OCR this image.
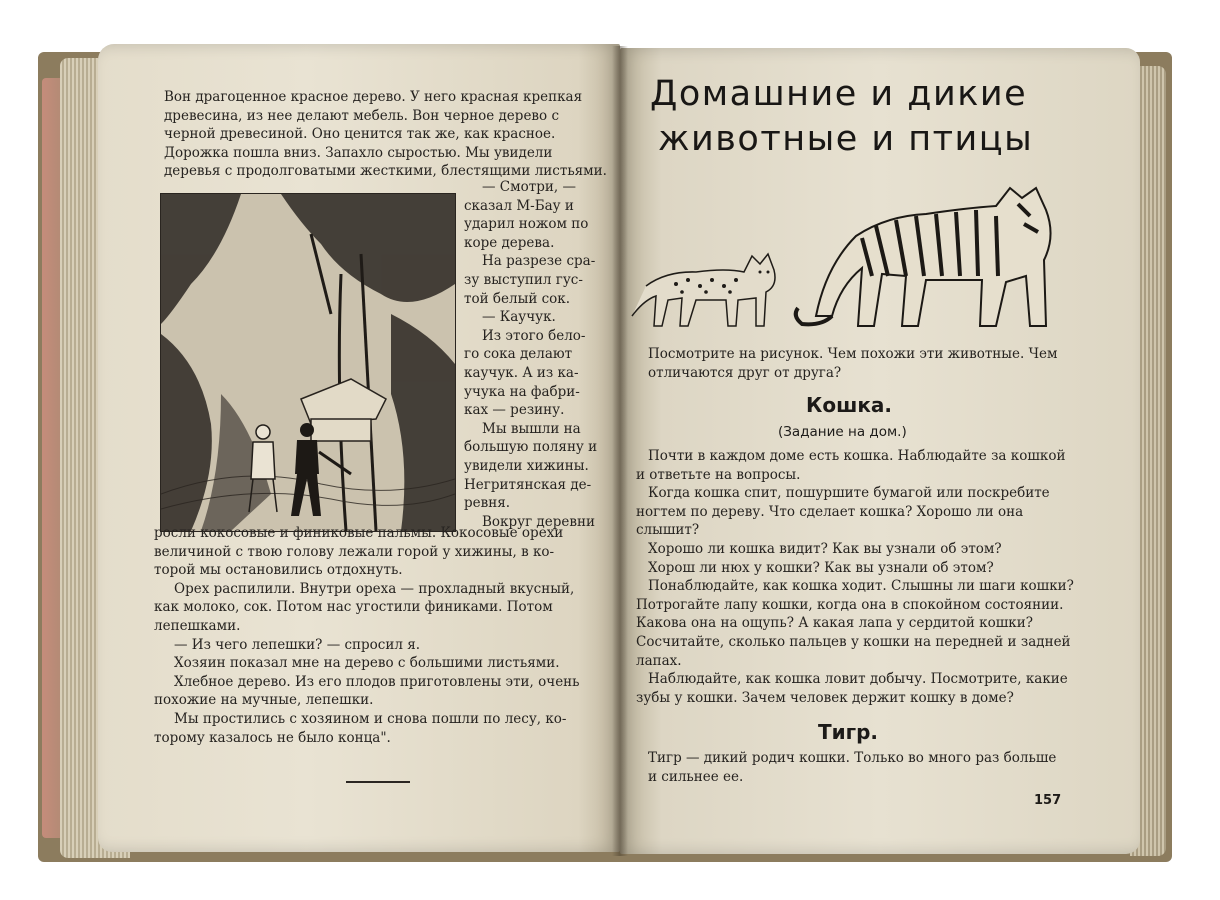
Вон драгоценное красное дерево. У него красная крепкая
древесина, из нее делают мебель. Вон черное дерево с
черной древесиной. Оно ценится так же, как красное.
Дорожка пошла вниз. Запахло сыростью. Мы увидели
деревья с продолговатыми жесткими, блестящими листьями.
— Смотри, —
сказал М-Бау и
ударил ножом по
коре дерева.
На разрезе сра-
зу выступил гус-
той белый сок.
— Каучук.
Из этого бело-
го сока делают
каучук. А из ка-
учука на фабри-
ках — резину.
Мы вышли на
большую поляну и
увидели хижины.
Негритянская де-
ревня.
Вокруг деревни
росли кокосовые и финиковые пальмы. Кокосовые орехи
величиной с твою голову лежали горой у хижины, в ко-
торой мы остановились отдохнуть.
Орех распилили. Внутри ореха — прохладный вкусный,
как молоко, сок. Потом нас угостили финиками. Потом
лепешками.
— Из чего лепешки? — спросил я.
Хозяин показал мне на дерево с большими листьями.
Хлебное дерево. Из его плодов приготовлены эти, очень
похожие на мучные, лепешки.
Мы простились с хозяином и снова пошли по лесу, ко-
торому казалось не было конца".
Домашние и дикие
животные и птицы
Посмотрите на рисунок. Чем похожи эти животные. Чем
отличаются друг от друга?
Кошка.
(Задание на дом.)
Почти в каждом доме есть кошка. Наблюдайте за кошкой
и ответьте на вопросы.
Когда кошка спит, пошуршите бумагой или поскребите
ногтем по дереву. Что сделает кошка? Хорошо ли она
слышит?
Хорошо ли кошка видит? Как вы узнали об этом?
Хорош ли нюх у кошки? Как вы узнали об этом?
Понаблюдайте, как кошка ходит. Слышны ли шаги кошки?
Потрогайте лапу кошки, когда она в спокойном состоянии.
Какова она на ощупь? А какая лапа у сердитой кошки?
Сосчитайте, сколько пальцев у кошки на передней и задней
лапах.
Наблюдайте, как кошка ловит добычу. Посмотрите, какие
зубы у кошки. Зачем человек держит кошку в доме?
Тигр.
Тигр — дикий родич кошки. Только во много раз больше
и сильнее ее.
157
